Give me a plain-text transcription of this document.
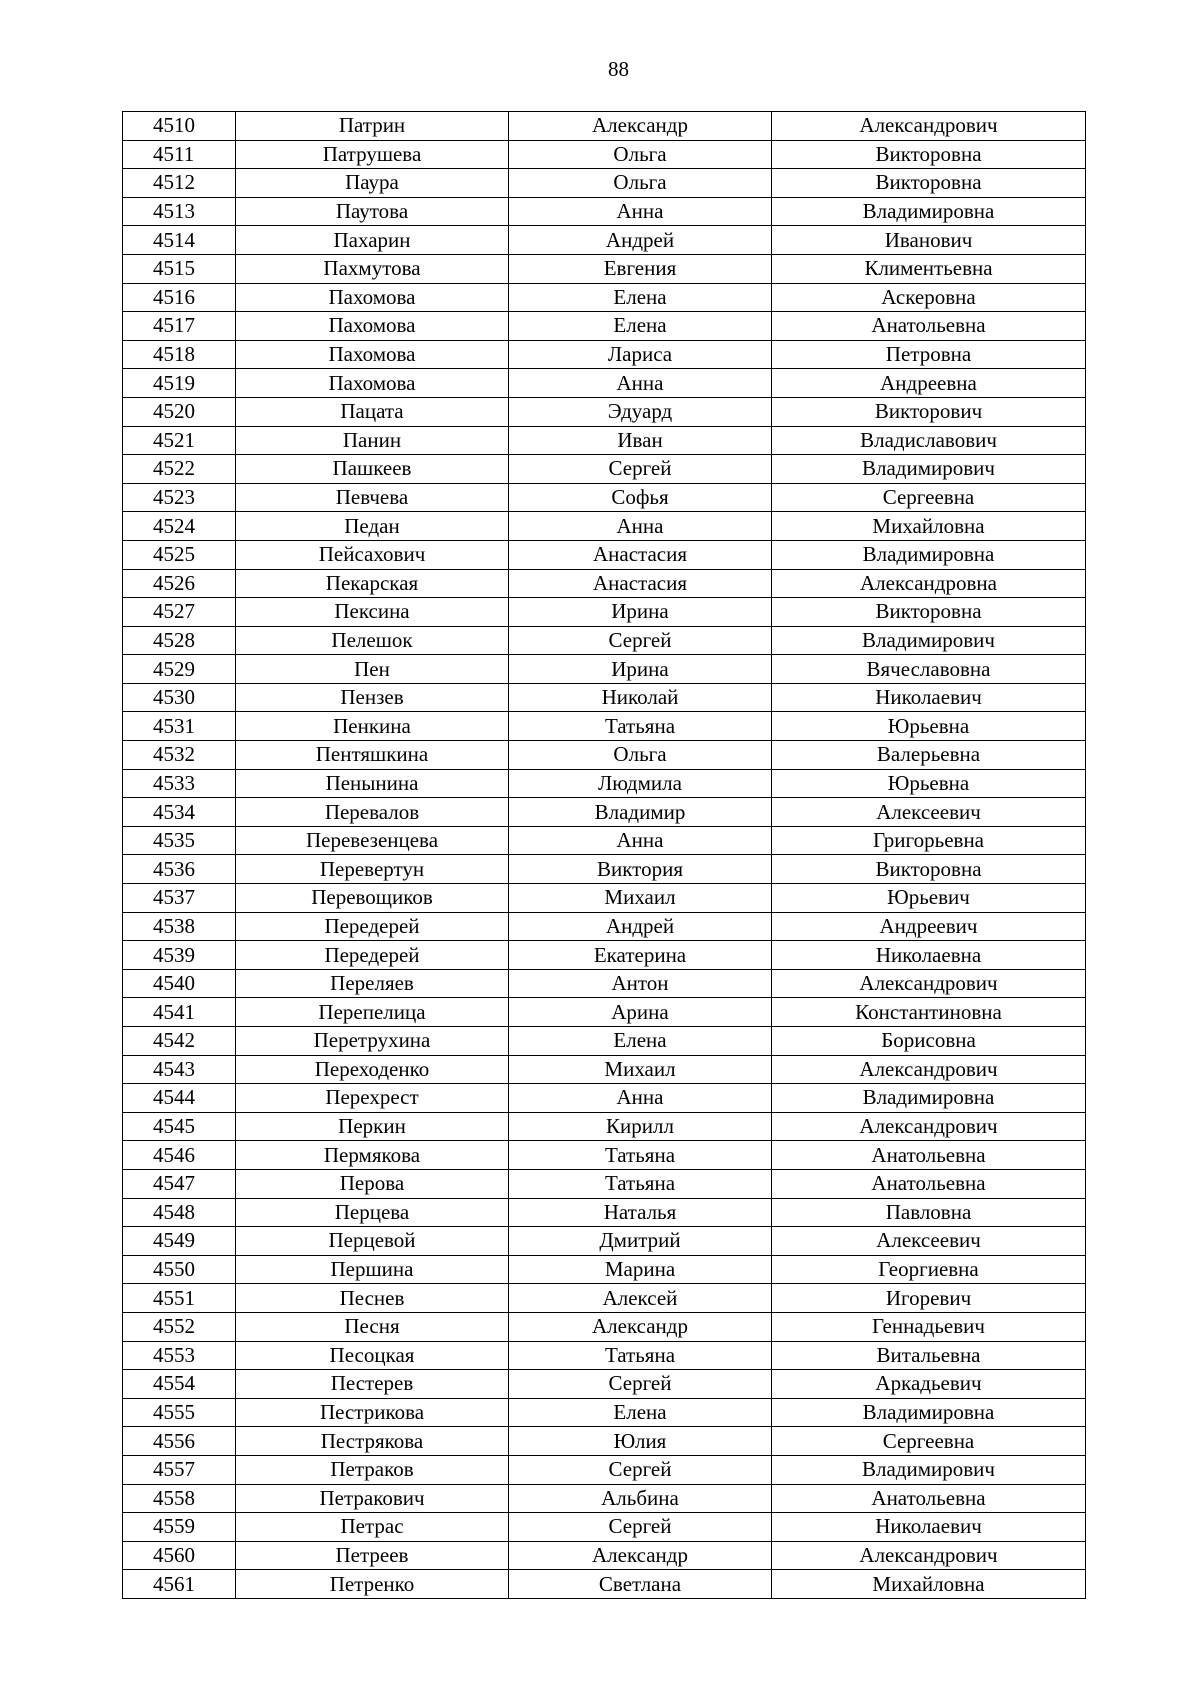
88
4510	Патрин	Александр	Александрович
4511	Патрушева	Ольга	Викторовна
4512	Паура	Ольга	Викторовна
4513	Паутова	Анна	Владимировна
4514	Пахарин	Андрей	Иванович
4515	Пахмутова	Евгения	Климентьевна
4516	Пахомова	Елена	Аскеровна
4517	Пахомова	Елена	Анатольевна
4518	Пахомова	Лариса	Петровна
4519	Пахомова	Анна	Андреевна
4520	Пацата	Эдуард	Викторович
4521	Панин	Иван	Владиславович
4522	Пашкеев	Сергей	Владимирович
4523	Певчева	Софья	Сергеевна
4524	Педан	Анна	Михайловна
4525	Пейсахович	Анастасия	Владимировна
4526	Пекарская	Анастасия	Александровна
4527	Пексина	Ирина	Викторовна
4528	Пелешок	Сергей	Владимирович
4529	Пен	Ирина	Вячеславовна
4530	Пензев	Николай	Николаевич
4531	Пенкина	Татьяна	Юрьевна
4532	Пентяшкина	Ольга	Валерьевна
4533	Пенынина	Людмила	Юрьевна
4534	Перевалов	Владимир	Алексеевич
4535	Перевезенцева	Анна	Григорьевна
4536	Перевертун	Виктория	Викторовна
4537	Перевощиков	Михаил	Юрьевич
4538	Передерей	Андрей	Андреевич
4539	Передерей	Екатерина	Николаевна
4540	Переляев	Антон	Александрович
4541	Перепелица	Арина	Константиновна
4542	Перетрухина	Елена	Борисовна
4543	Переходенко	Михаил	Александрович
4544	Перехрест	Анна	Владимировна
4545	Перкин	Кирилл	Александрович
4546	Пермякова	Татьяна	Анатольевна
4547	Перова	Татьяна	Анатольевна
4548	Перцева	Наталья	Павловна
4549	Перцевой	Дмитрий	Алексеевич
4550	Першина	Марина	Георгиевна
4551	Песнев	Алексей	Игоревич
4552	Песня	Александр	Геннадьевич
4553	Песоцкая	Татьяна	Витальевна
4554	Пестерев	Сергей	Аркадьевич
4555	Пестрикова	Елена	Владимировна
4556	Пестрякова	Юлия	Сергеевна
4557	Петраков	Сергей	Владимирович
4558	Петракович	Альбина	Анатольевна
4559	Петрас	Сергей	Николаевич
4560	Петреев	Александр	Александрович
4561	Петренко	Светлана	Михайловна
